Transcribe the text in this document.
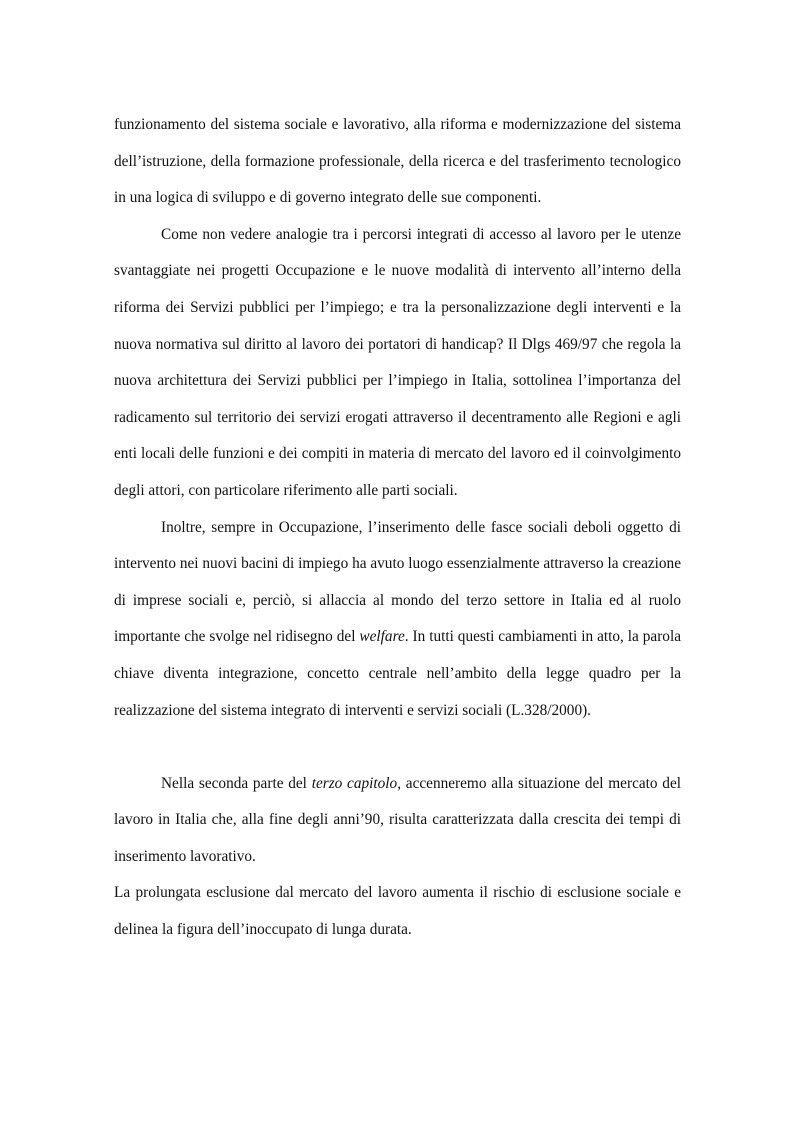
funzionamento del sistema sociale e lavorativo, alla riforma e modernizzazione del sistema dell’istruzione, della formazione professionale, della ricerca e del trasferimento tecnologico in una logica di sviluppo e di governo integrato delle sue componenti.

Come non vedere analogie tra i percorsi integrati di accesso al lavoro per le utenze svantaggiate nei progetti Occupazione e le nuove modalità di intervento all’interno della riforma dei Servizi pubblici per l’impiego; e tra la personalizzazione degli interventi e la nuova normativa sul diritto al lavoro dei portatori di handicap? Il Dlgs 469/97 che regola la nuova architettura dei Servizi pubblici per l’impiego in Italia, sottolinea l’importanza del radicamento sul territorio dei servizi erogati attraverso il decentramento alle Regioni e agli enti locali delle funzioni e dei compiti in materia di mercato del lavoro ed il coinvolgimento degli attori, con particolare riferimento alle parti sociali.

Inoltre, sempre in Occupazione, l’inserimento delle fasce sociali deboli oggetto di intervento nei nuovi bacini di impiego ha avuto luogo essenzialmente attraverso la creazione di imprese sociali e, perciò, si allaccia al mondo del terzo settore in Italia ed al ruolo importante che svolge nel ridisegno del welfare. In tutti questi cambiamenti in atto, la parola chiave diventa integrazione, concetto centrale nell’ambito della legge quadro per la realizzazione del sistema integrato di interventi e servizi sociali (L.328/2000).

Nella seconda parte del terzo capitolo, accenneremo alla situazione del mercato del lavoro in Italia che, alla fine degli anni’90, risulta caratterizzata dalla crescita dei tempi di inserimento lavorativo.

La prolungata esclusione dal mercato del lavoro aumenta il rischio di esclusione sociale e delinea la figura dell’inoccupato di lunga durata.
